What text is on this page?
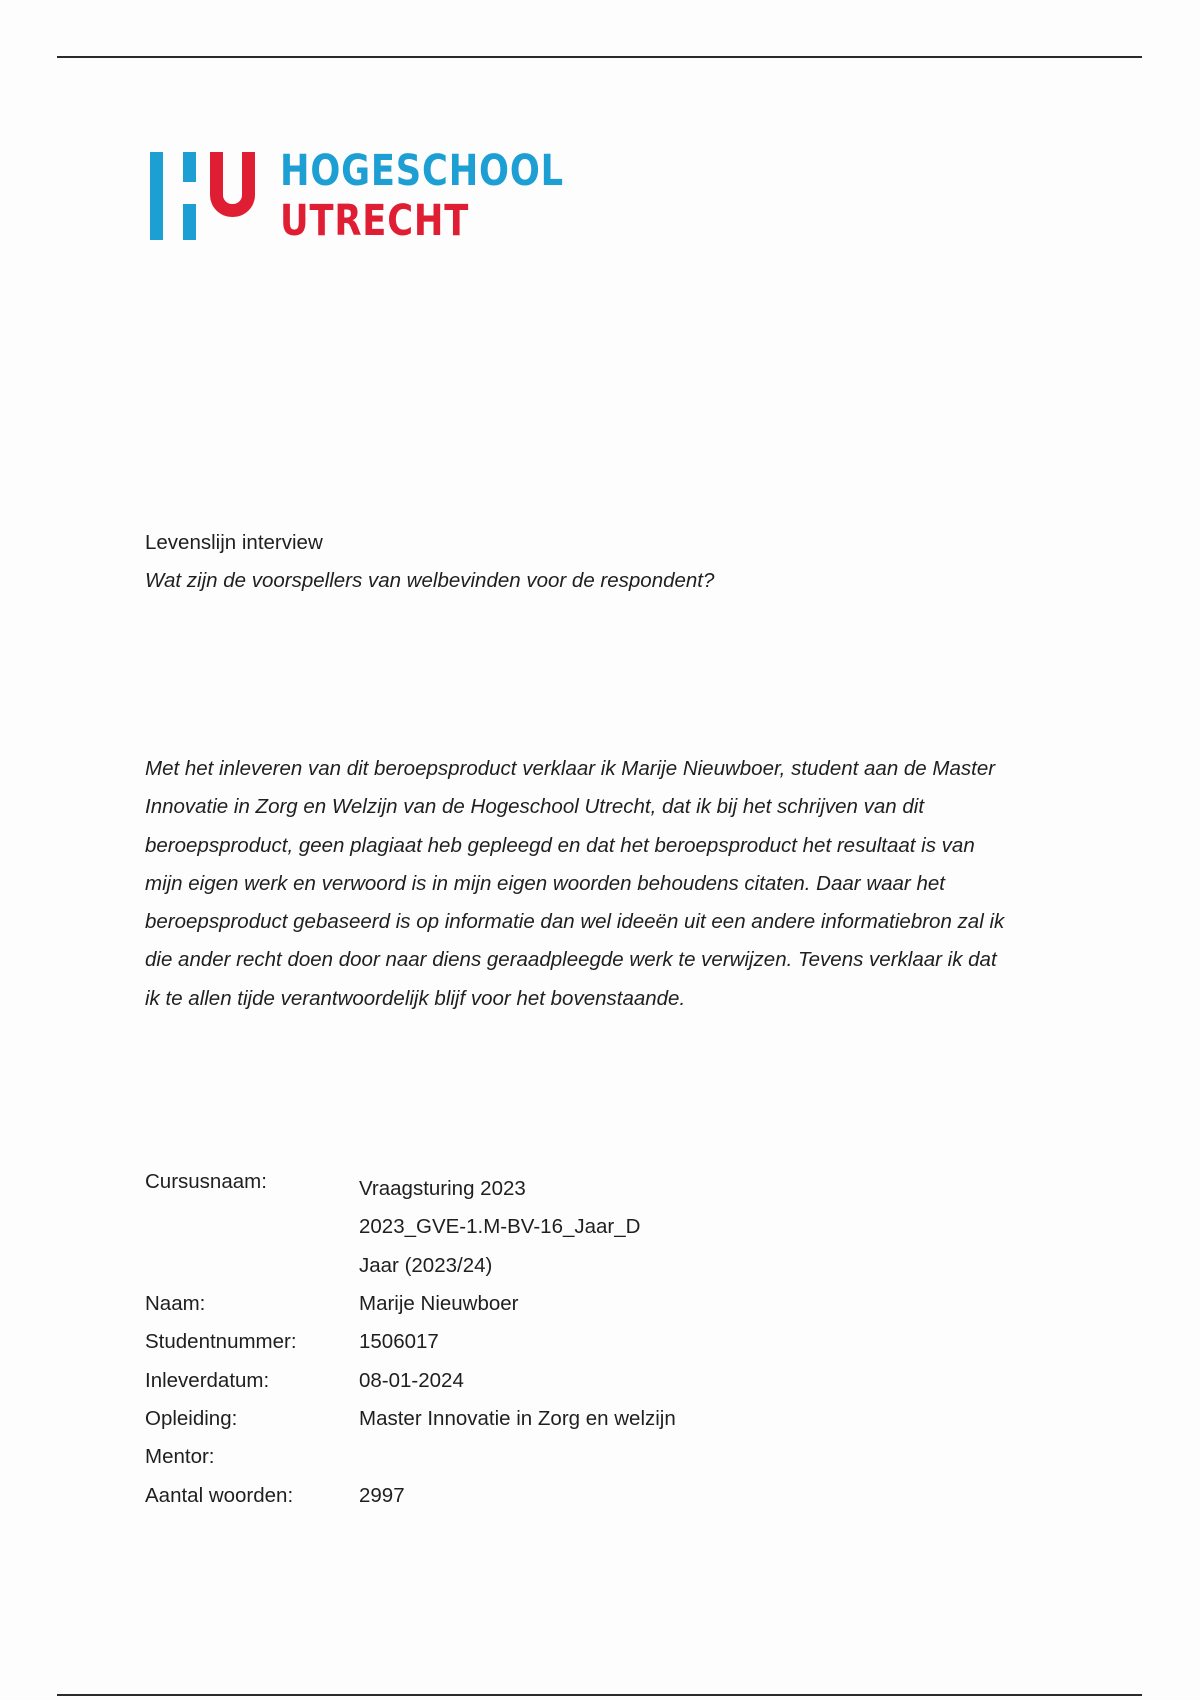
HOGESCHOOL
UTRECHT
Levenslijn interview
Wat zijn de voorspellers van welbevinden voor de respondent?

Met het inleveren van dit beroepsproduct verklaar ik Marije Nieuwboer, student aan de Master Innovatie in Zorg en Welzijn van de Hogeschool Utrecht, dat ik bij het schrijven van dit beroepsproduct, geen plagiaat heb gepleegd en dat het beroepsproduct het resultaat is van mijn eigen werk en verwoord is in mijn eigen woorden behoudens citaten. Daar waar het beroepsproduct gebaseerd is op informatie dan wel ideeën uit een andere informatiebron zal ik die ander recht doen door naar diens geraadpleegde werk te verwijzen. Tevens verklaar ik dat ik te allen tijde verantwoordelijk blijf voor het bovenstaande.

Cursusnaam:	Vraagsturing 2023
2023_GVE-1.M-BV-16_Jaar_D
Jaar (2023/24)

Naam:	Marije Nieuwboer
Studentnummer:	1506017
Inleverdatum:	08-01-2024
Opleiding:	Master Innovatie in Zorg en welzijn
Mentor:	
Aantal woorden:	2997
